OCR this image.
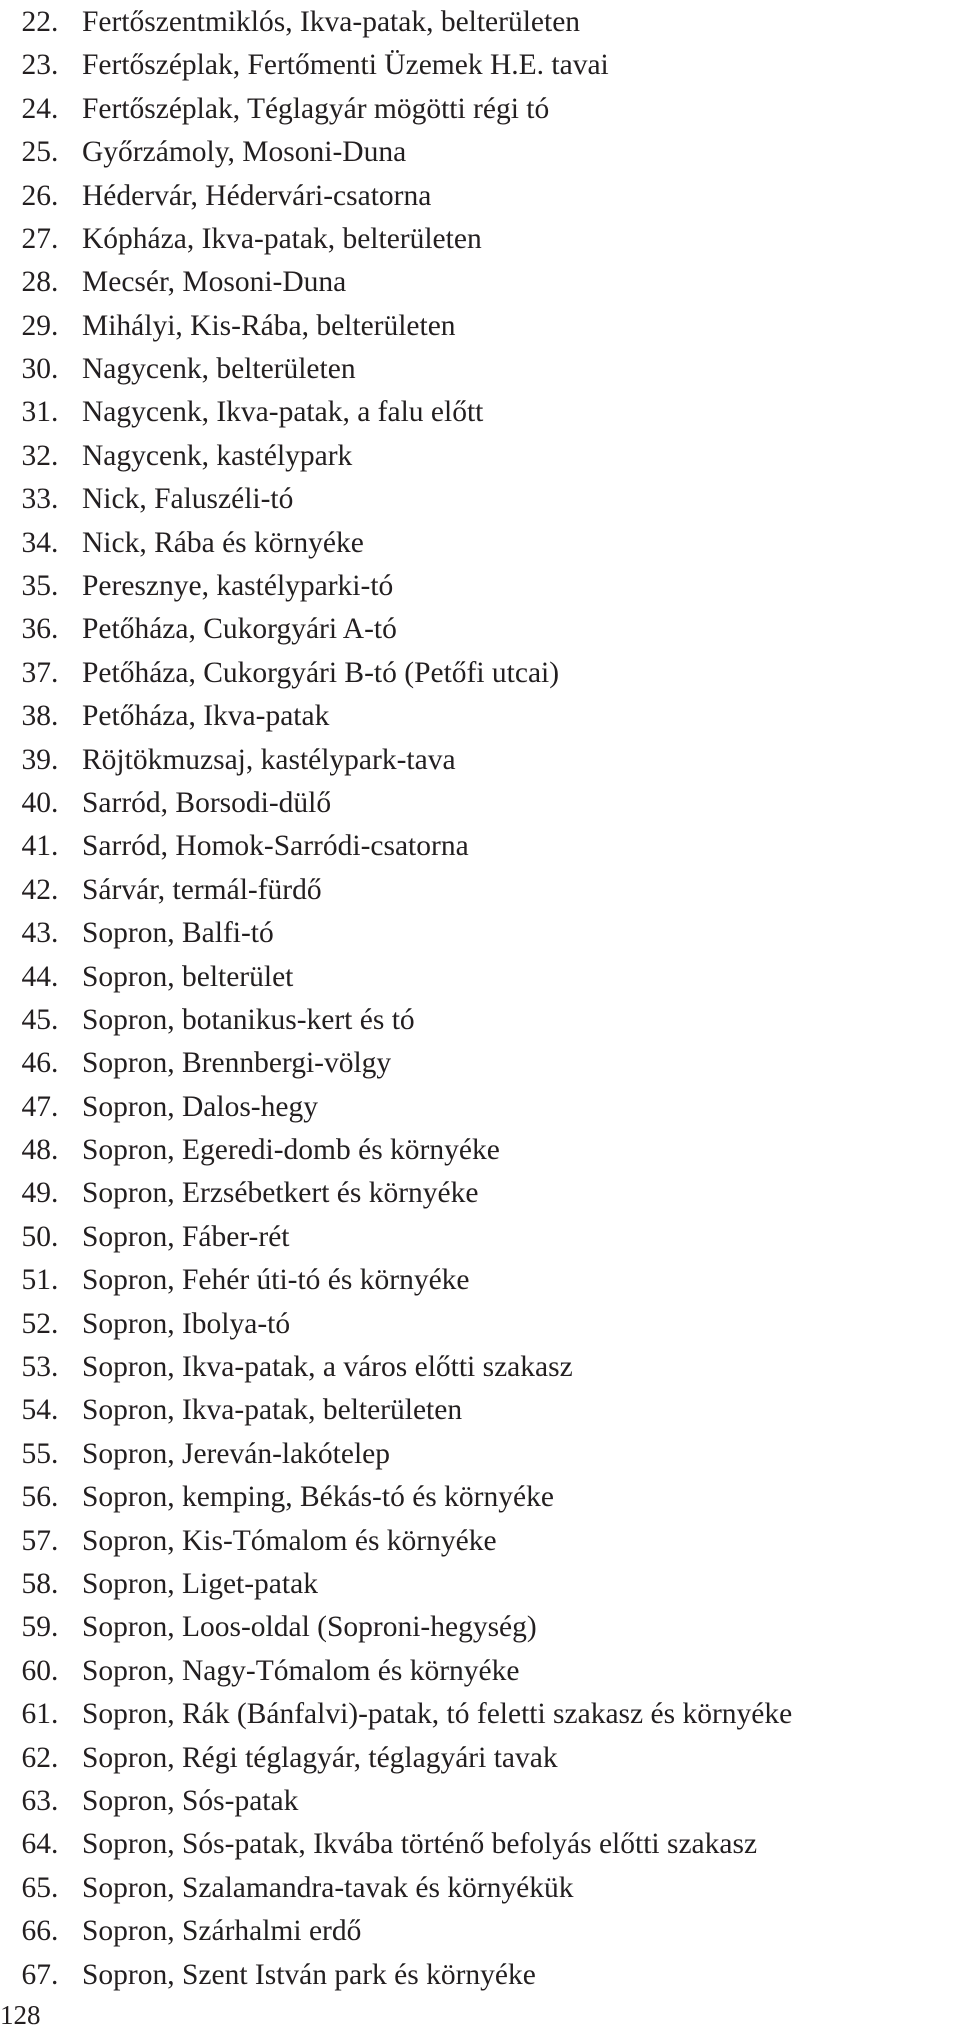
22 . Fertőszentmiklós, Ikva-patak, belterületen
23 . Fertőszéplak, Fertőmenti Üzemek H.E. tavai
24 . Fertőszéplak, Téglagyár mögötti régi tó
25 . Győrzámoly, Mosoni-Duna
26 . Hédervár, Hédervári-csatorna
27 . Kópháza, Ikva-patak, belterületen
28 . Mecsér, Mosoni-Duna
29 . Mihályi, Kis-Rába, belterületen
30 . Nagycenk, belterületen
31 . Nagycenk, Ikva-patak, a falu előtt
32 . Nagycenk, kastélypark
33 . Nick, Faluszéli-tó
34 . Nick, Rába és környéke
35 . Peresznye, kastélyparki-tó
36 . Petőháza, Cukorgyári A-tó
37 . Petőháza, Cukorgyári B-tó (Petőfi utcai)
38 . Petőháza, Ikva-patak
39 . Röjtökmuzsaj, kastélypark-tava
40 . Sarród, Borsodi-dülő
41 . Sarród, Homok-Sarródi-csatorna
42 . Sárvár, termál-fürdő
43 . Sopron, Balfi-tó
44 . Sopron, belterület
45 . Sopron, botanikus-kert és tó
46 . Sopron, Brennbergi-völgy
47 . Sopron, Dalos-hegy
48 . Sopron, Egeredi-domb és környéke
49 . Sopron, Erzsébetkert és környéke
50 . Sopron, Fáber-rét
51 . Sopron, Fehér úti-tó és környéke
52 . Sopron, Ibolya-tó
53 . Sopron, Ikva-patak, a város előtti szakasz
54 . Sopron, Ikva-patak, belterületen
55 . Sopron, Jereván-lakótelep
56 . Sopron, kemping, Békás-tó és környéke
57 . Sopron, Kis-Tómalom és környéke
58 . Sopron, Liget-patak
59 . Sopron, Loos-oldal (Soproni-hegység)
60 . Sopron, Nagy-Tómalom és környéke
61 . Sopron, Rák (Bánfalvi)-patak, tó feletti szakasz és környéke
62 . Sopron, Régi téglagyár, téglagyári tavak
63 . Sopron, Sós-patak
64 . Sopron, Sós-patak, Ikvába történő befolyás előtti szakasz
65 . Sopron, Szalamandra-tavak és környékük
66 . Sopron, Szárhalmi erdő
67 . Sopron, Szent István park és környéke
128
